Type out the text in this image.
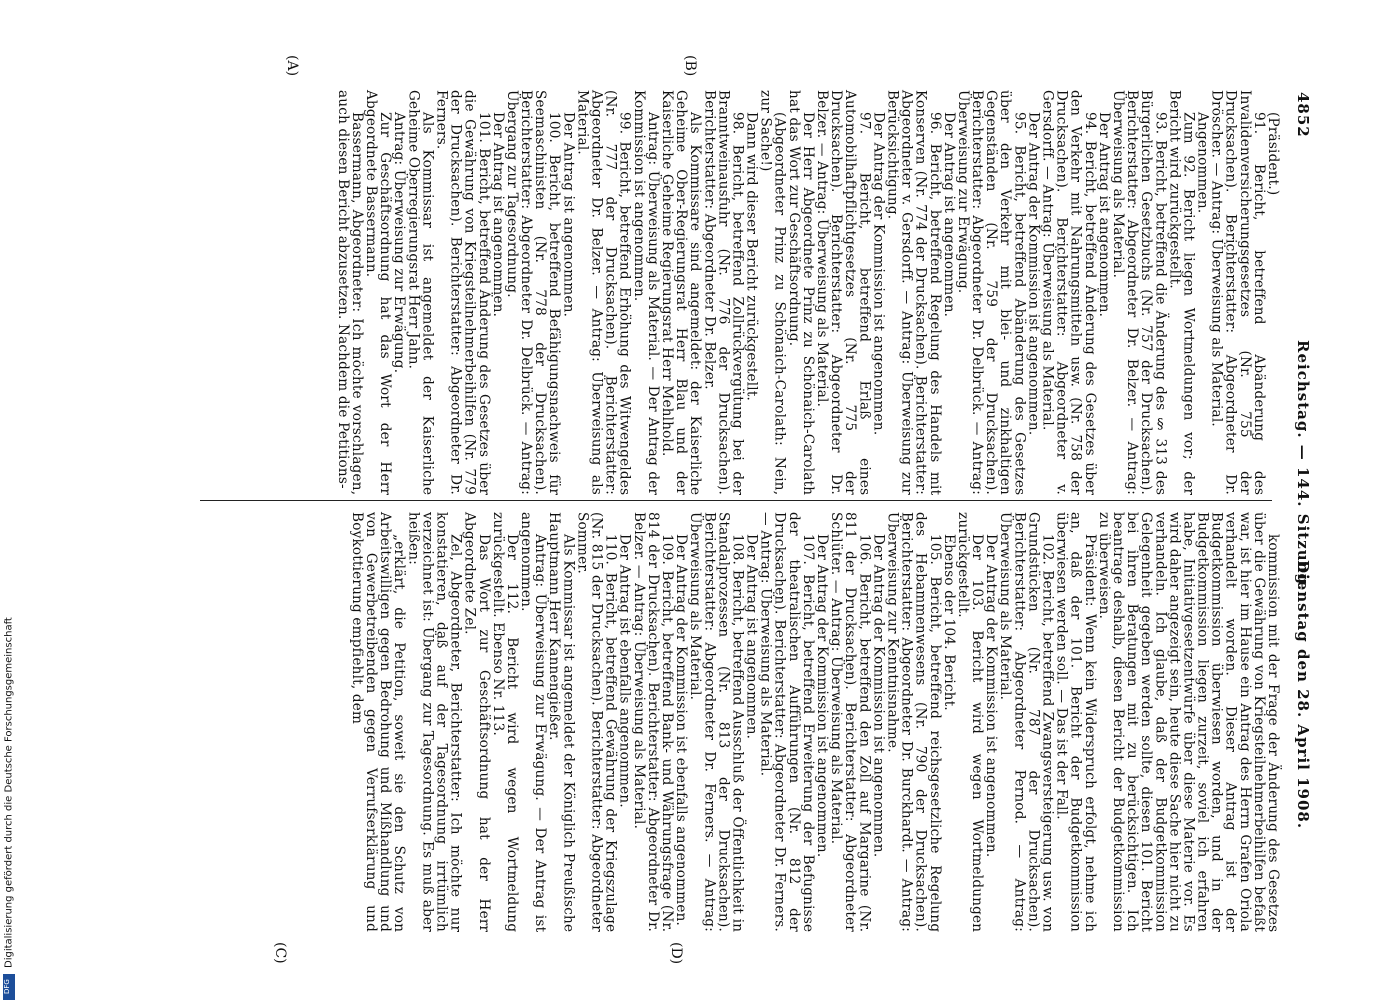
DFG
Digitalisierung gefördert durch die Deutsche Forschungsgemeinschaft
4852
Reichstag. — 144. Sitzung.
Dienstag den 28. April 1908.
(A)	(B)
(C)	(D)

(Präsident.)

91. Bericht, betreffend Abänderung des Invalidenversicherungsgesetzes (Nr. 755 der Drucksachen). Berichterstatter: Abgeordneter Dr. Dröscher. — Antrag: Überweisung als Material.

Angenommen.

Zum 92. Bericht liegen Wortmeldungen vor; der Bericht wird zurückgestellt.

93. Bericht, betreffend die Änderung des § 313 des Bürgerlichen Gesetzbuchs (Nr. 757 der Drucksachen). Berichterstatter: Abgeordneter Dr. Belzer. — Antrag: Überweisung als Material.

Der Antrag ist angenommen.

94. Bericht, betreffend Änderung des Gesetzes über den Verkehr mit Nahrungsmitteln usw. (Nr. 758 der Drucksachen). Berichterstatter: Abgeordneter v. Gersdorff. — Antrag: Überweisung als Material.

Der Antrag der Kommission ist angenommen.

95. Bericht, betreffend Abänderung des Gesetzes über den Verkehr mit blei- und zinkhaltigen Gegenständen (Nr. 759 der Drucksachen). Berichterstatter: Abgeordneter Dr. Delbrück. — Antrag: Überweisung zur Erwägung.

Der Antrag ist angenommen.

96. Bericht, betreffend Regelung des Handels mit Konserven (Nr. 774 der Drucksachen). Berichterstatter: Abgeordneter v. Gersdorff. — Antrag: Überweisung zur Berücksichtigung.

Der Antrag der Kommission ist angenommen.

97. Bericht, betreffend Erlaß eines Automobilhaftpflichtgesetzes (Nr. 775 der Drucksachen). Berichterstatter: Abgeordneter Dr. Belzer. — Antrag: Überweisung als Material.

Der Herr Abgeordnete Prinz zu Schönaich-Carolath hat das Wort zur Geschäftsordnung.

(Abgeordneter Prinz zu Schönaich-Carolath: Nein, zur Sache!)

Dann wird dieser Bericht zurückgestellt.

98. Bericht, betreffend Zollrückvergütung bei der Branntweinausfuhr (Nr. 776 der Drucksachen). Berichterstatter: Abgeordneter Dr. Belzer.

Als Kommissare sind angemeldet: der Kaiserliche Geheime Ober-Regierungsrat Herr Blau und der Kaiserliche Geheime Regierungsrat Herr Mehlhold.

Antrag: Überweisung als Material. — Der Antrag der Kommission ist angenommen.

99. Bericht, betreffend Erhöhung des Witwengeldes (Nr. 777 der Drucksachen). Berichterstatter: Abgeordneter Dr. Belzer. — Antrag: Überweisung als Material.

Der Antrag ist angenommen.

100. Bericht, betreffend Befähigungsnachweis für Seemaschinisten (Nr. 778 der Drucksachen). Berichterstatter: Abgeordneter Dr. Delbrück. — Antrag: Übergang zur Tagesordnung.

Der Antrag ist angenommen.

101. Bericht, betreffend Änderung des Gesetzes über die Gewährung von Kriegsteilnehmerbeihilfen (Nr. 779 der Drucksachen). Berichterstatter: Abgeordneter Dr. Ferners.

Als Kommissar ist angemeldet der Kaiserliche Geheime Oberregierungsrat Herr Jahn.

Antrag: Überweisung zur Erwägung.

Zur Geschäftsordnung hat das Wort der Herr Abgeordnete Bassermann.

Bassermann, Abgeordneter: Ich möchte vorschlagen, auch diesen Bericht abzusetzen. Nachdem die Petitions-

kommission mit der Frage der Änderung des Gesetzes über die Gewährung von Kriegsteilnehmerbeihilfen befaßt war, ist hier im Hause ein Antrag des Herrn Grafen Oriola verhandelt worden. Dieser Antrag ist der Budgetkommission überwiesen worden, und in der Budgetkommission liegen zurzeit, soviel ich erfahren habe, Initiativgesetzentwürfe über diese Materie vor. Es wird daher angezeigt sein, heute diese Sache hier nicht zu verhandeln. Ich glaube, daß der Budgetkommission Gelegenheit gegeben werden sollte, diesen 101. Bericht bei ihren Beratungen mit zu berücksichtigen. Ich beantrage deshalb, diesen Bericht der Budgetkommission zu überweisen.

Präsident: Wenn kein Widerspruch erfolgt, nehme ich an, daß der 101. Bericht der Budgetkommission überwiesen werden soll. — Das ist der Fall.

102. Bericht, betreffend Zwangsversteigerung usw. von Grundstücken (Nr. 787 der Drucksachen). Berichterstatter: Abgeordneter Pernod. — Antrag: Überweisung als Material.

Der Antrag der Kommission ist angenommen.

Der 103. Bericht wird wegen Wortmeldungen zurückgestellt.

Ebenso der 104. Bericht.

105. Bericht, betreffend reichsgesetzliche Regelung des Hebammenwesens (Nr. 790 der Drucksachen). Berichterstatter: Abgeordneter Dr. Burckhardt. — Antrag: Überweisung zur Kenntnisnahme.

Der Antrag der Kommission ist angenommen.

106. Bericht, betreffend den Zoll auf Margarine (Nr. 811 der Drucksachen). Berichterstatter: Abgeordneter Schlüter. — Antrag: Überweisung als Material.

Der Antrag der Kommission ist angenommen.

107. Bericht, betreffend Erweiterung der Befugnisse der theatralischen Aufführungen (Nr. 812 der Drucksachen). Berichterstatter: Abgeordneter Dr. Ferners. — Antrag: Überweisung als Material.

Der Antrag ist angenommen.

108. Bericht, betreffend Ausschluß der Öffentlichkeit in Standalprozessen (Nr. 813 der Drucksachen). Berichterstatter: Abgeordneter Dr. Ferners. — Antrag: Überweisung als Material.

Der Antrag der Kommission ist ebenfalls angenommen.

109. Bericht, betreffend Bank- und Währungsfrage (Nr. 814 der Drucksachen). Berichterstatter: Abgeordneter Dr. Belzer. — Antrag: Überweisung als Material.

Der Antrag ist ebenfalls angenommen.

110. Bericht, betreffend Gewährung der Kriegszulage (Nr. 815 der Drucksachen). Berichterstatter: Abgeordneter Sommer.

Als Kommissar ist angemeldet der Königlich Preußische Hauptmann Herr Kannengießer.

Antrag: Überweisung zur Erwägung. — Der Antrag ist angenommen.

Der 112. Bericht wird wegen Wortmeldung zurückgestellt. Ebenso Nr. 113.

Das Wort zur Geschäftsordnung hat der Herr Abgeordnete Zel.

Zel, Abgeordneter, Berichterstatter: Ich möchte nur konstatieren, daß auf der Tagesordnung irrtümlich verzeichnet ist: Übergang zur Tagesordnung. Es muß aber heißen:

„erklärt, die Petition, soweit sie den Schutz von Arbeitswilligen gegen Bedrohung und Mißhandlung und von Gewerbetreibenden gegen Verrufserklärung und Boykottierung empfiehlt, dem
